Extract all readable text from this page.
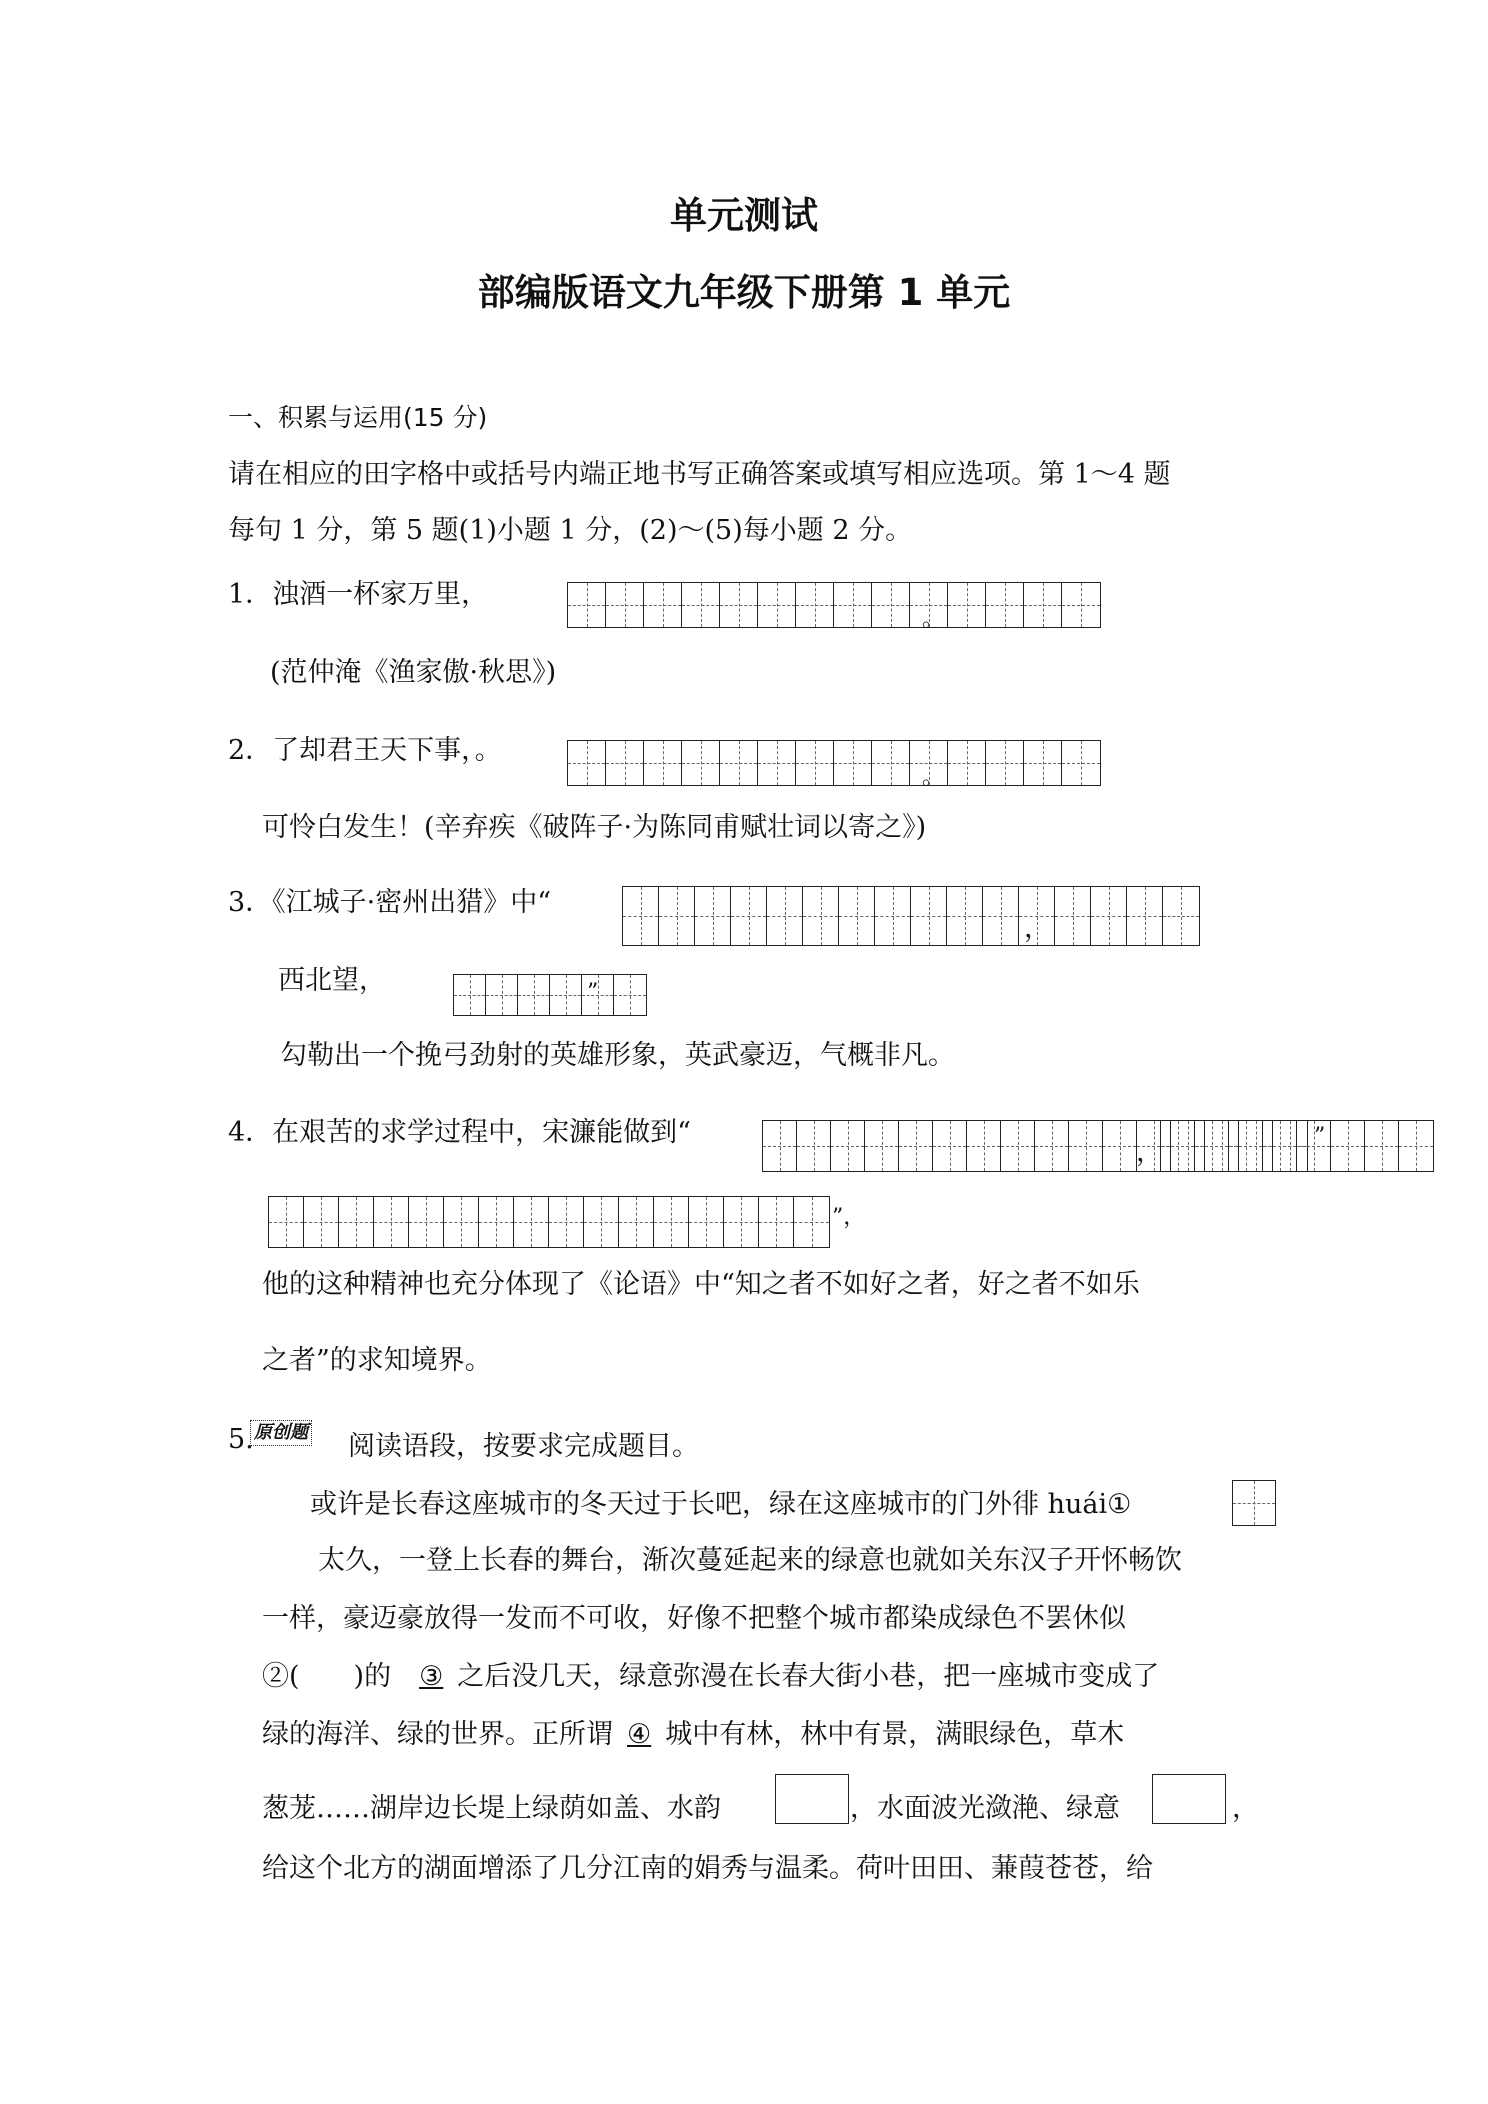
单元测试
部编版语文九年级下册第 1 单元
一、积累与运用(15 分)
请在相应的田字格中或括号内端正地书写正确答案或填写相应选项。第 1～4 题
每句 1 分，第 5 题(1)小题 1 分，(2)～(5)每小题 2 分。
1．浊酒一杯家万里，
。
(范仲淹《渔家傲·秋思》)
2．了却君王天下事，。
。
可怜白发生！(辛弃疾《破阵子·为陈同甫赋壮词以寄之》)
3．《江城子·密州出猎》中“
，
西北望，	”
勾勒出一个挽弓劲射的英雄形象，英武豪迈，气概非凡。
4．在艰苦的求学过程中，宋濂能做到“
，
”
”，
他的这种精神也充分体现了《论语》中“知之者不如好之者，好之者不如乐
之者”的求知境界。
5. 原创题 阅读语段，按要求完成题目。
或许是长春这座城市的冬天过于长吧，绿在这座城市的门外徘 huái①
太久，一登上长春的舞台，渐次蔓延起来的绿意也就如关东汉子开怀畅饮
一样，豪迈豪放得一发而不可收，好像不把整个城市都染成绿色不罢休似
②(　　)的 ③ 之后没几天，绿意弥漫在长春大街小巷，把一座城市变成了
绿的海洋、绿的世界。正所谓 ④ 城中有林，林中有景，满眼绿色，草木
葱茏……湖岸边长堤上绿荫如盖、水韵	，水面波光潋滟、绿意	，
给这个北方的湖面增添了几分江南的娟秀与温柔。荷叶田田、蒹葭苍苍，给
